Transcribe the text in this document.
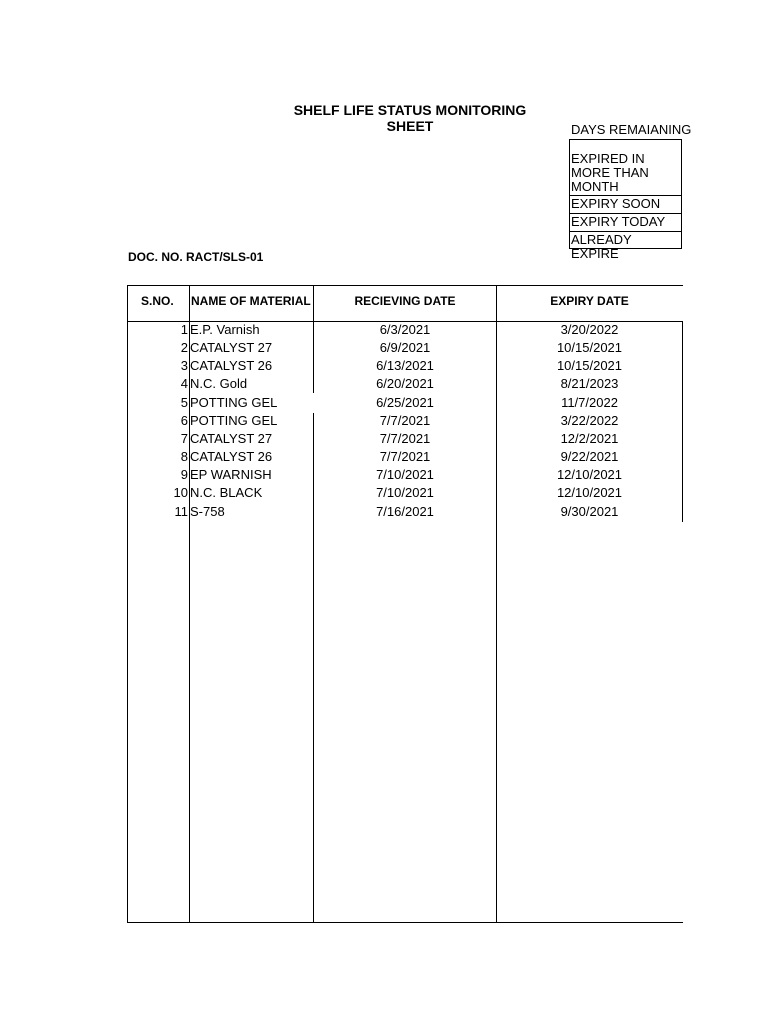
SHELF LIFE STATUS MONITORING SHEET	DAYS REMAIANING
EXPIRED IN MORE THAN MONTH
EXPIRY SOON
EXPIRY TODAY
ALREADY EXPIRE
DOC. NO. RACT/SLS-01
S.NO. NAME OF MATERIAL	RECIEVING DATE	EXPIRY DATE
1 E.P. Varnish	6/3/2021	3/20/2022
2 CATALYST 27	6/9/2021	10/15/2021
3 CATALYST 26	6/13/2021	10/15/2021
4 N.C. Gold	6/20/2021	8/21/2023
5 POTTING GEL	6/25/2021	11/7/2022
6 POTTING GEL	7/7/2021	3/22/2022
7 CATALYST 27	7/7/2021	12/2/2021
8 CATALYST 26	7/7/2021	9/22/2021
9 EP WARNISH	7/10/2021	12/10/2021
10 N.C. BLACK	7/10/2021	12/10/2021
11 S-758	7/16/2021	9/30/2021
